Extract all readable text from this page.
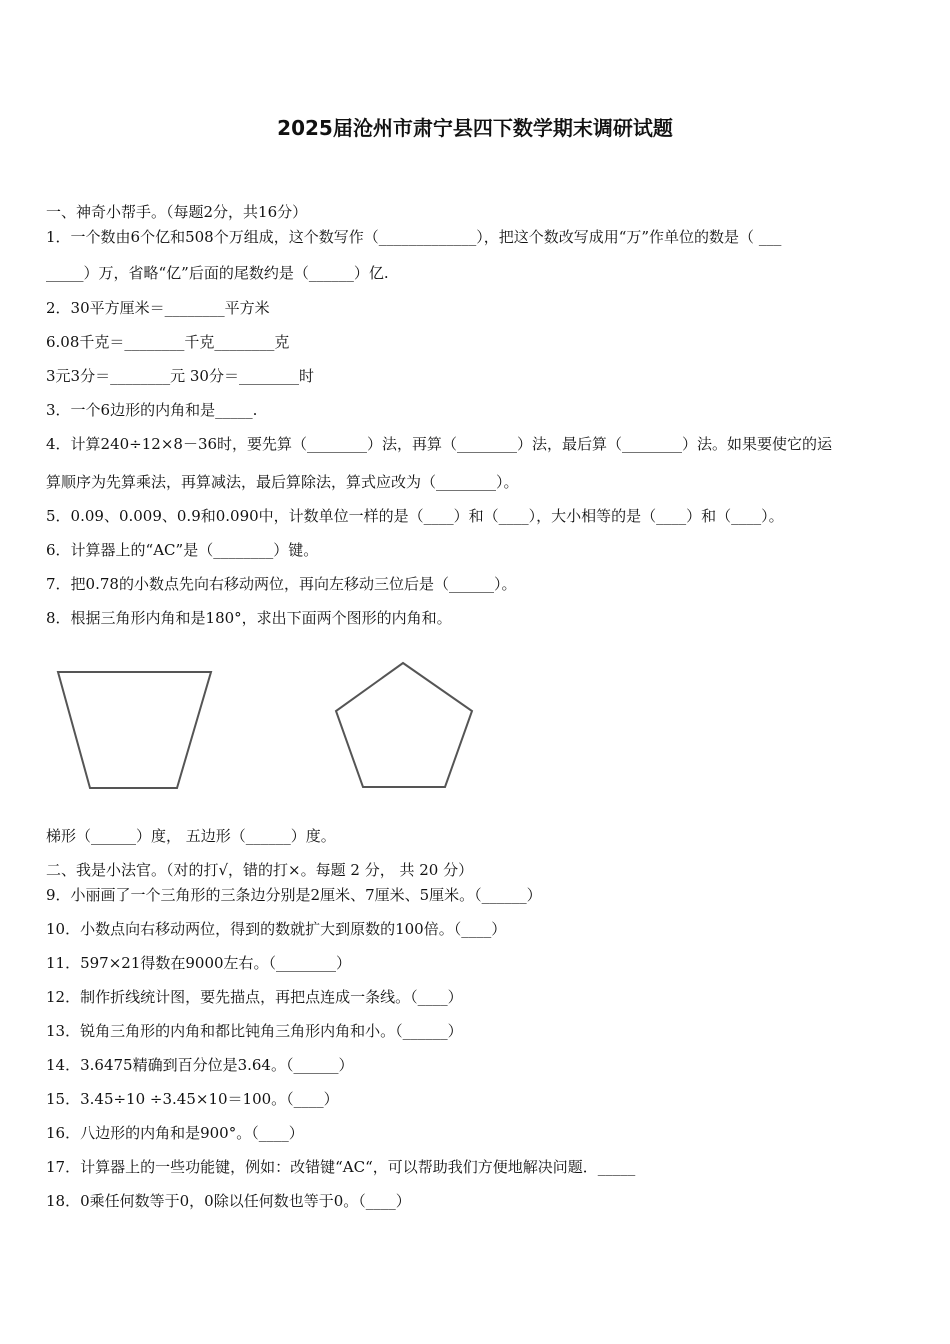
2025届沧州市肃宁县四下数学期末调研试题
一、神奇小帮手。（每题2分，共16分）
1．一个数由6个亿和508个万组成，这个数写作（_____________），把这个数改写成用“万”作单位的数是（ ___
_____）万，省略“亿”后面的尾数约是（______）亿.
2．30平方厘米＝________平方米
6.08千克＝________千克________克
3元3分＝________元 30分＝________时
3．一个6边形的内角和是_____.
4．计算240÷12×8－36时，要先算（________）法，再算（________）法，最后算（________）法。如果要使它的运
算顺序为先算乘法，再算减法，最后算除法，算式应改为（________）。
5．0.09、0.009、0.9和0.090中，计数单位一样的是（____）和（____），大小相等的是（____）和（____）。
6．计算器上的“AC”是（________）键。
7．把0.78的小数点先向右移动两位，再向左移动三位后是（______）。
8．根据三角形内角和是180°，求出下面两个图形的内角和。
梯形（______）度， 五边形（______）度。
二、我是小法官。（对的打√，错的打×。每题 2 分， 共 20 分）
9．小丽画了一个三角形的三条边分别是2厘米、7厘米、5厘米。（______）
10．小数点向右移动两位，得到的数就扩大到原数的100倍。（____）
11．597×21得数在9000左右。（________）
12．制作折线统计图，要先描点，再把点连成一条线。（____）
13．锐角三角形的内角和都比钝角三角形内角和小。（______）
14．3.6475精确到百分位是3.64。（______）
15．3.45÷10 ÷3.45×10＝100。（____）
16．八边形的内角和是900°。（____）
17．计算器上的一些功能键，例如：改错键“AC“，可以帮助我们方便地解决问题．_____
18．0乘任何数等于0，0除以任何数也等于0。（____）
